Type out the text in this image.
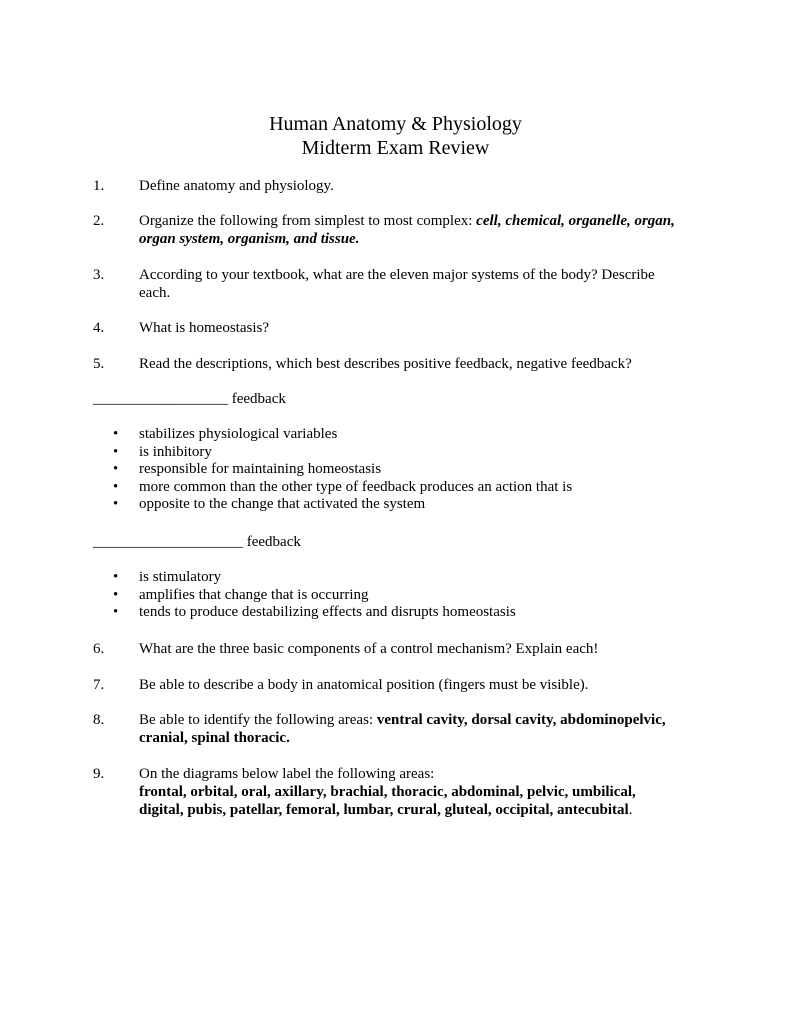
Human Anatomy & Physiology
Midterm Exam Review
1. Define anatomy and physiology.
2. Organize the following from simplest to most complex: cell, chemical, organelle, organ,
organ system, organism, and tissue.
3. According to your textbook, what are the eleven major systems of the body? Describe
each.
4. What is homeostasis?
5. Read the descriptions, which best describes positive feedback, negative feedback?
__________________ feedback
• stabilizes physiological variables
• is inhibitory
• responsible for maintaining homeostasis
• more common than the other type of feedback produces an action that is
• opposite to the change that activated the system
____________________ feedback
• is stimulatory
• amplifies that change that is occurring
• tends to produce destabilizing effects and disrupts homeostasis
6. What are the three basic components of a control mechanism? Explain each!
7. Be able to describe a body in anatomical position (fingers must be visible).
8. Be able to identify the following areas: ventral cavity, dorsal cavity, abdominopelvic,
cranial, spinal thoracic.
9. On the diagrams below label the following areas:
frontal, orbital, oral, axillary, brachial, thoracic, abdominal, pelvic, umbilical,
digital, pubis, patellar, femoral, lumbar, crural, gluteal, occipital, antecubital.
